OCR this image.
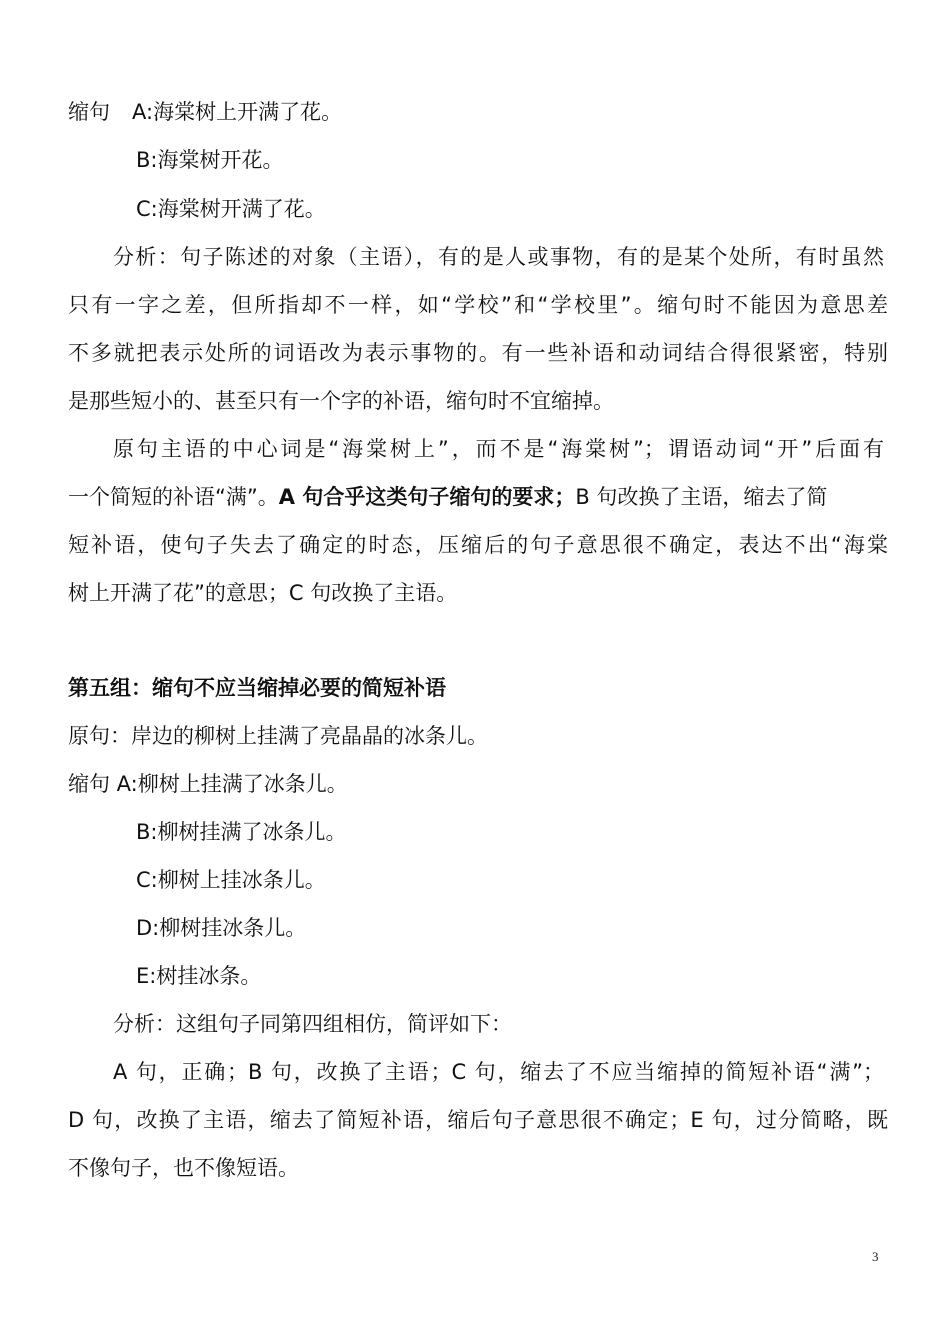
缩句 A:海棠树上开满了花。

B:海棠树开花。

C:海棠树开满了花。

分析：句子陈述的对象（主语），有的是人或事物，有的是某个处所，有时虽然

只有一字之差，但所指却不一样，如“学校”和“学校里”。缩句时不能因为意思差

不多就把表示处所的词语改为表示事物的。有一些补语和动词结合得很紧密，特别

是那些短小的、甚至只有一个字的补语，缩句时不宜缩掉。

原句主语的中心词是“海棠树上”，而不是“海棠树”；谓语动词“开”后面有

一个简短的补语“满”。A 句合乎这类句子缩句的要求；B 句改换了主语，缩去了简

短补语，使句子失去了确定的时态，压缩后的句子意思很不确定，表达不出“海棠

树上开满了花”的意思；C 句改换了主语。

第五组：缩句不应当缩掉必要的简短补语

原句：岸边的柳树上挂满了亮晶晶的冰条儿。

缩句 A:柳树上挂满了冰条儿。

B:柳树挂满了冰条儿。

C:柳树上挂冰条儿。

D:柳树挂冰条儿。

E:树挂冰条。

分析：这组句子同第四组相仿，简评如下：

A 句，正确；B 句，改换了主语；C 句，缩去了不应当缩掉的简短补语“满”；

D 句，改换了主语，缩去了简短补语，缩后句子意思很不确定；E 句，过分简略，既

不像句子，也不像短语。

3
